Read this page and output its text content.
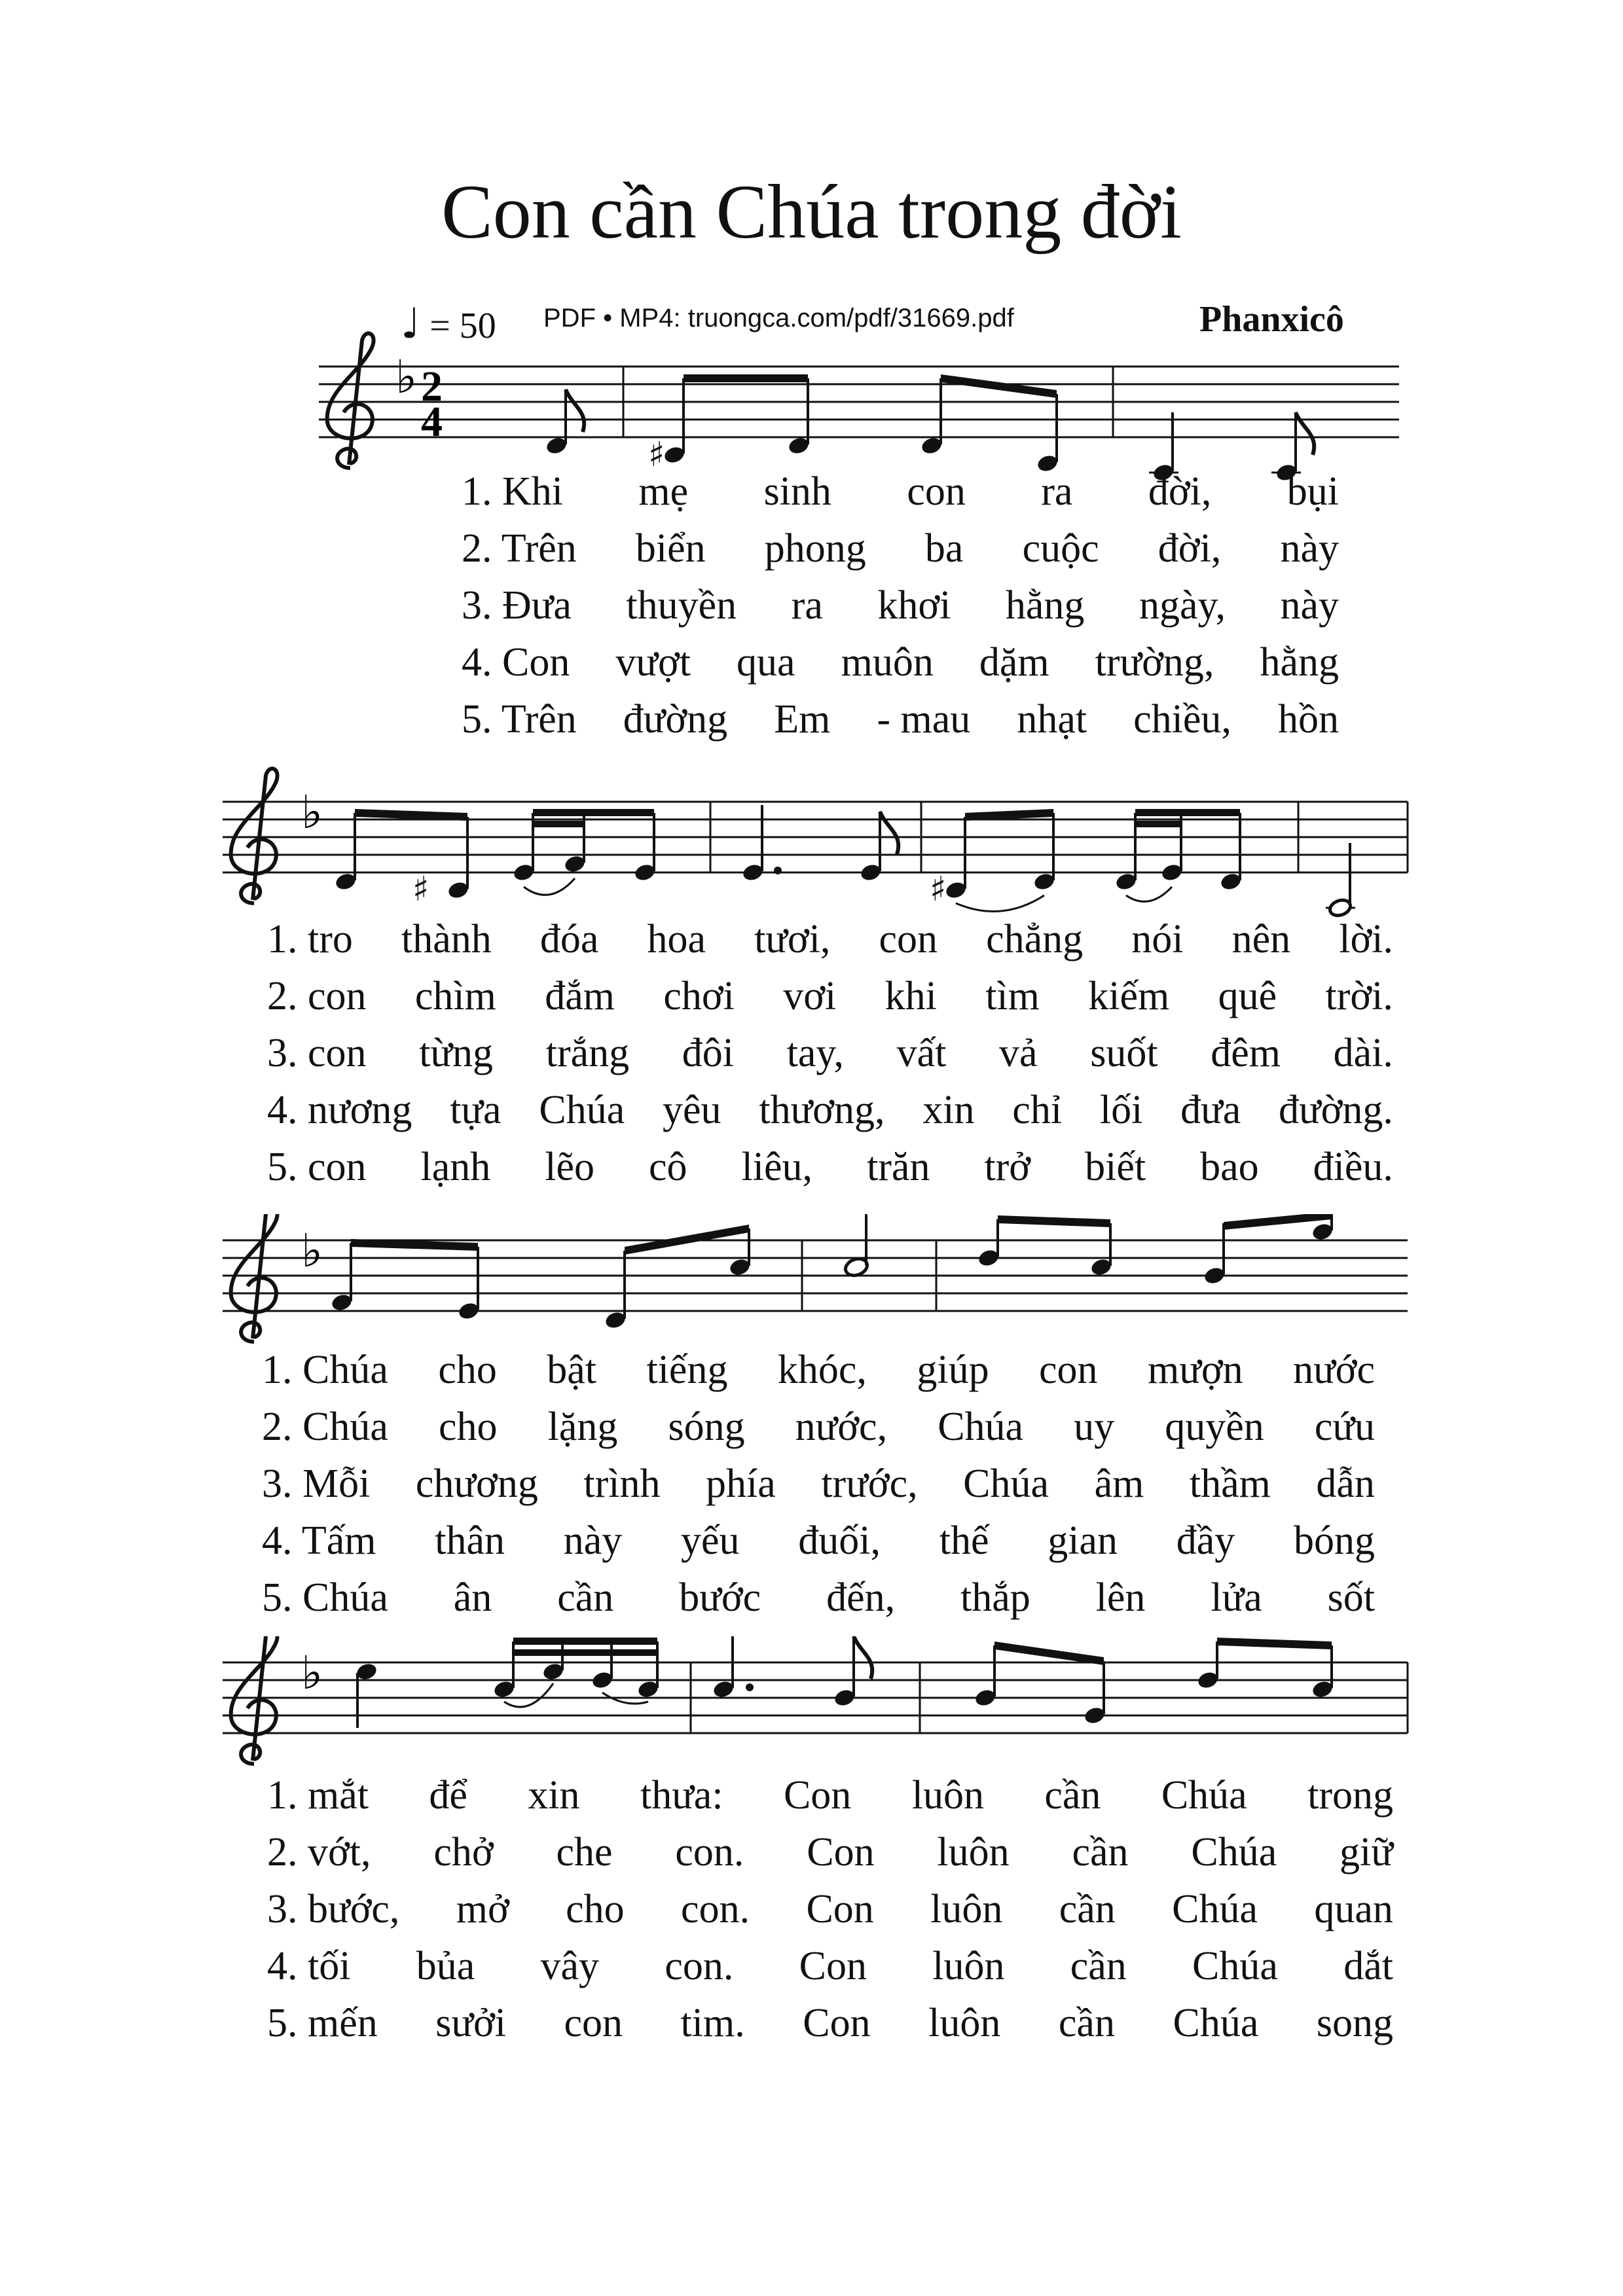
Con cần Chúa trong đời
♩ = 50 PDF • MP4: truongca.com/pdf/31669.pdf	Phanxicô
♭ 2
4
♯
1. Khi mẹ sinh con ra đời, bụi
2. Trên biển phong ba cuộc đời, này
3. Đưa thuyền ra khơi hằng ngày, này
4. Con vượt qua muôn dặm trường, hằng
5. Trên đường Em - mau nhạt chiều, hồn
♭
♯	♯
1. tro thành đóa hoa tươi, con chẳng nói nên lời.
2. con chìm đắm chơi vơi khi tìm kiếm quê trời.
3. con từng trắng đôi tay, vất vả suốt đêm dài.
4. nương tựa Chúa yêu thương, xin chỉ lối đưa đường.
5. con lạnh lẽo cô liêu, trăn trở biết bao điều.
♭
1. Chúa cho bật tiếng khóc, giúp con mượn nước
2. Chúa cho lặng sóng nước, Chúa uy quyền cứu
3. Mỗi chương trình phía trước, Chúa âm thầm dẫn
4. Tấm thân này yếu đuối, thế gian đầy bóng
5. Chúa ân cần bước đến, thắp lên lửa sốt
♭
1. mắt để xin thưa: Con luôn cần Chúa trong
2. vớt, chở che con. Con luôn cần Chúa giữ
3. bước, mở cho con. Con luôn cần Chúa quan
4. tối bủa vây con. Con luôn cần Chúa dắt
5. mến sưởi con tim. Con luôn cần Chúa song
